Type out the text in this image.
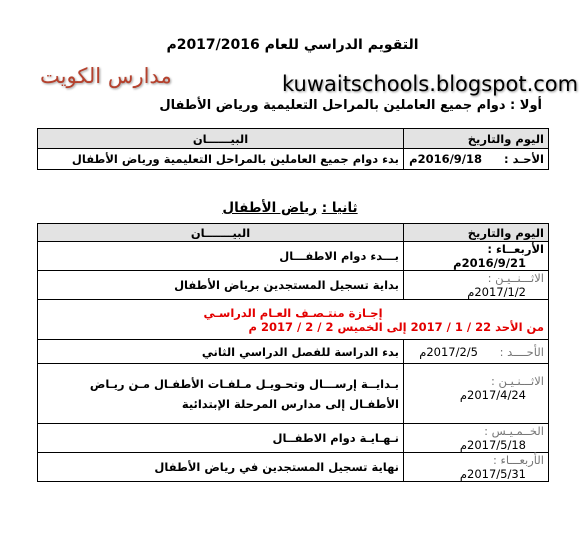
التقويم الدراسي للعام 2017/2016م
مدارس الكويت	kuwaitschools.blogspot.com
أولا : دوام جميع العاملين بالمراحل التعليمية ورياض الأطفال
اليوم والتاريخ	البيــــــان
الأحـد : 2016/9/18م	بدء دوام جميع العاملين بالمراحل التعليمية ورياض الأطفال
ثانيا : رياض الأطفال
اليوم والتاريخ	البيـــــــان
الأربعــاء : 2016/9/21م	بـــدء دوام الاطفـــال
الاثـــنــيـن : 2017/1/2م	بداية تسجيل المستجدين برياض الأطفال

إجـازة منتـصـف العـام الدراسـي
من الأحد 22 / 1 / 2017 إلى الخميس 2 / 2 / 2017 م	

الأحــــد : 2017/2/5م	بدء الدراسة للفصل الدراسي الثاني
الاثـــنـيـن : 2017/4/24م	بـدايــة إرســـال وتحـويـل مـلفـات الأطفـال مـن ريـاض الأطفـال إلى مدارس المرحلة الإبتدائية
الخــمـيـس : 2017/5/18م	نـهـايـة دوام الاطفــال
الأربعـــاء : 2017/5/31م	نهاية تسجيل المستجدين في رياض الأطفال
